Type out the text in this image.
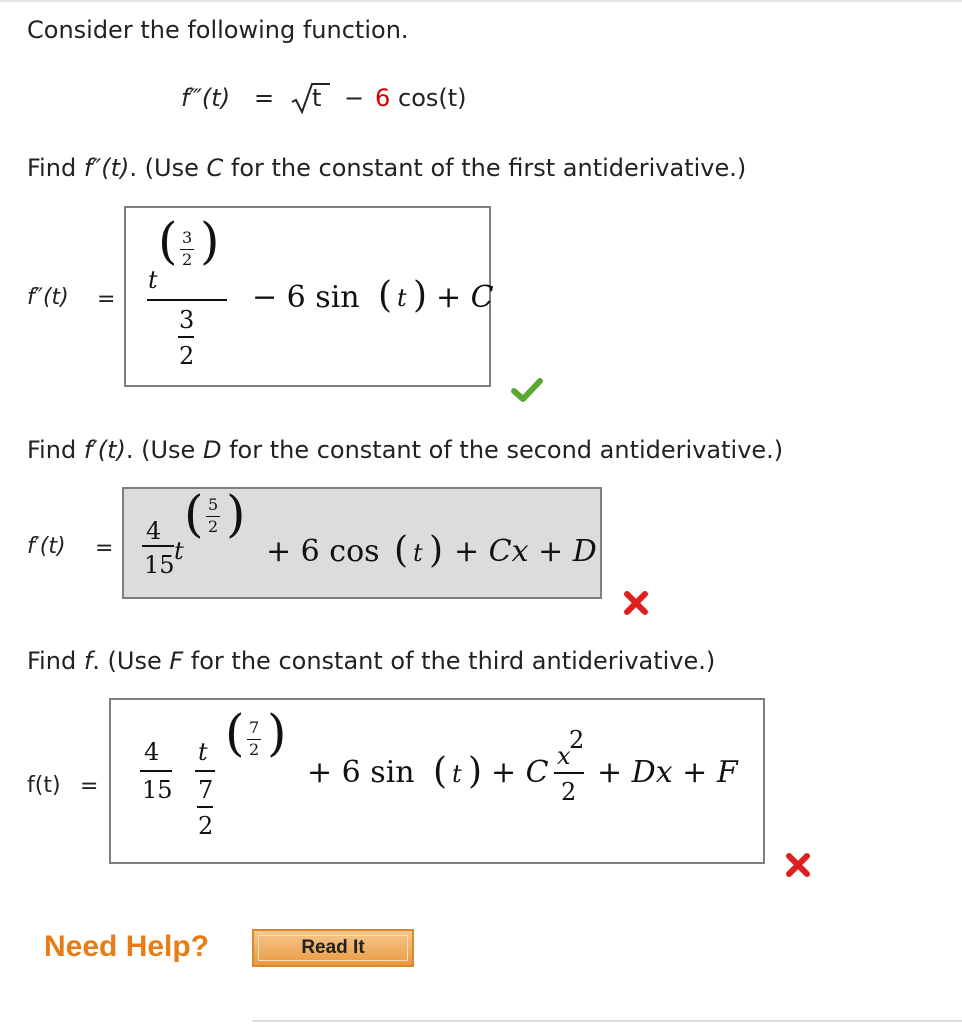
Consider the following function.
f‴(t) = t − 6 cos(t)
Find f″(t). (Use C for the constant of the first antiderivative.)
f″(t) =
t
( 3
2 )
3
2
− 6 sin ( t ) + C
Find f′(t). (Use D for the constant of the second antiderivative.)
f′(t) =
4
15 t
( 5
2 )
+ 6 cos ( t ) + Cx + D
Find f. (Use F for the constant of the third antiderivative.)
f(t) =
4
15
t
7
2
( 7
2 )
+ 6 sin ( t ) + C x
2
2
+ Dx + F
Need Help?	Read It
